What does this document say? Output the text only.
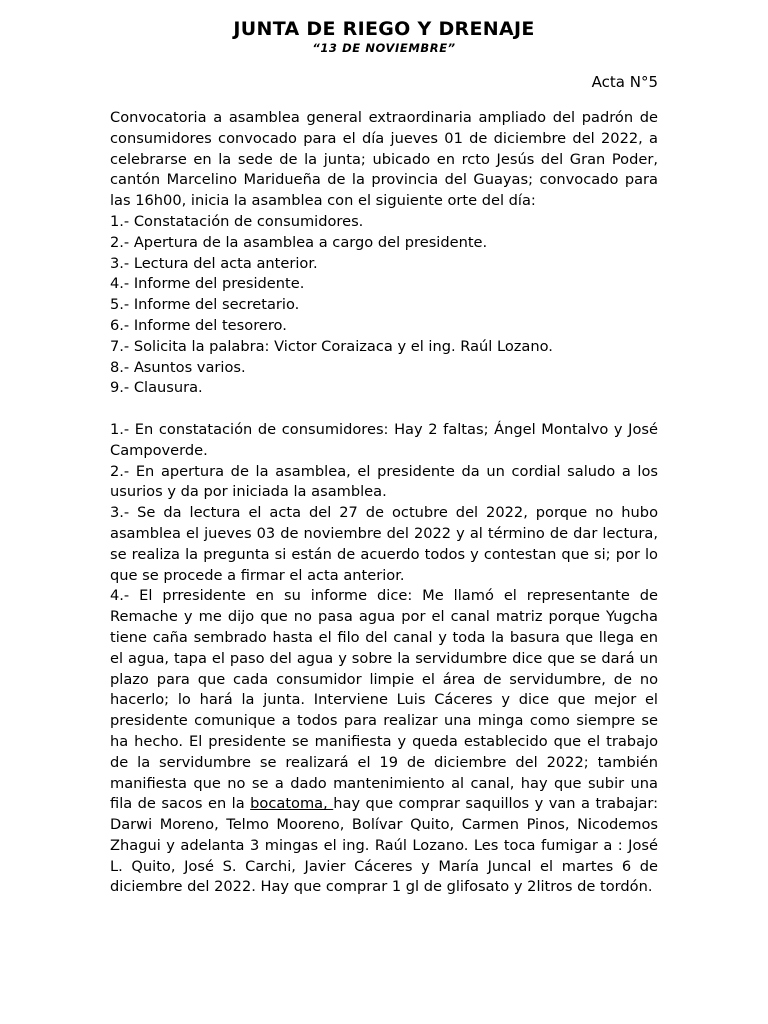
JUNTA DE RIEGO Y DRENAJE
“13 DE NOVIEMBRE”
Acta N°5

Convocatoria a asamblea general extraordinaria ampliado del padrón de consumidores convocado para el día jueves 01 de diciembre del 2022, a celebrarse en la sede de la junta; ubicado en rcto Jesús del Gran Poder, cantón Marcelino Maridueña de la provincia del Guayas; convocado para las 16h00, inicia la asamblea con el siguiente orte del día:

1.- Constatación de consumidores.

2.- Apertura de la asamblea a cargo del presidente.

3.- Lectura del acta anterior.

4.- Informe del presidente.

5.- Informe del secretario.

6.- Informe del tesorero.

7.- Solicita la palabra: Victor Coraizaca y el ing. Raúl Lozano.

8.- Asuntos varios.

9.- Clausura.

1.- En constatación de consumidores: Hay 2 faltas; Ángel Montalvo y José Campoverde.

2.- En apertura de la asamblea, el presidente da un cordial saludo a los usurios y da por iniciada la asamblea.

3.- Se da lectura el acta del 27 de octubre del 2022, porque no hubo asamblea el jueves 03 de noviembre del 2022 y al término de dar lectura, se realiza la pregunta si están de acuerdo todos y contestan que si; por lo que se procede a firmar el acta anterior.

4.- El prresidente en su informe dice: Me llamó el representante de Remache y me dijo que no pasa agua por el canal matriz porque Yugcha tiene caña sembrado hasta el filo del canal y toda la basura que llega en el agua, tapa el paso del agua y sobre la servidumbre dice que se dará un plazo para que cada consumidor limpie el área de servidumbre, de no hacerlo; lo hará la junta. Interviene Luis Cáceres y dice que mejor el presidente comunique a todos para realizar una minga como siempre se ha hecho. El presidente se manifiesta y queda establecido que el trabajo de la servidumbre se realizará el 19 de diciembre del 2022; también manifiesta que no se a dado mantenimiento al canal, hay que subir una fila de sacos en la bocatoma, hay que comprar saquillos y van a trabajar: Darwi Moreno, Telmo Mooreno, Bolívar Quito, Carmen Pinos, Nicodemos Zhagui y adelanta 3 mingas el ing. Raúl Lozano. Les toca fumigar a : José L. Quito, José S. Carchi, Javier Cáceres y María Juncal el martes 6 de diciembre del 2022. Hay que comprar 1 gl de glifosato y 2litros de tordón.
